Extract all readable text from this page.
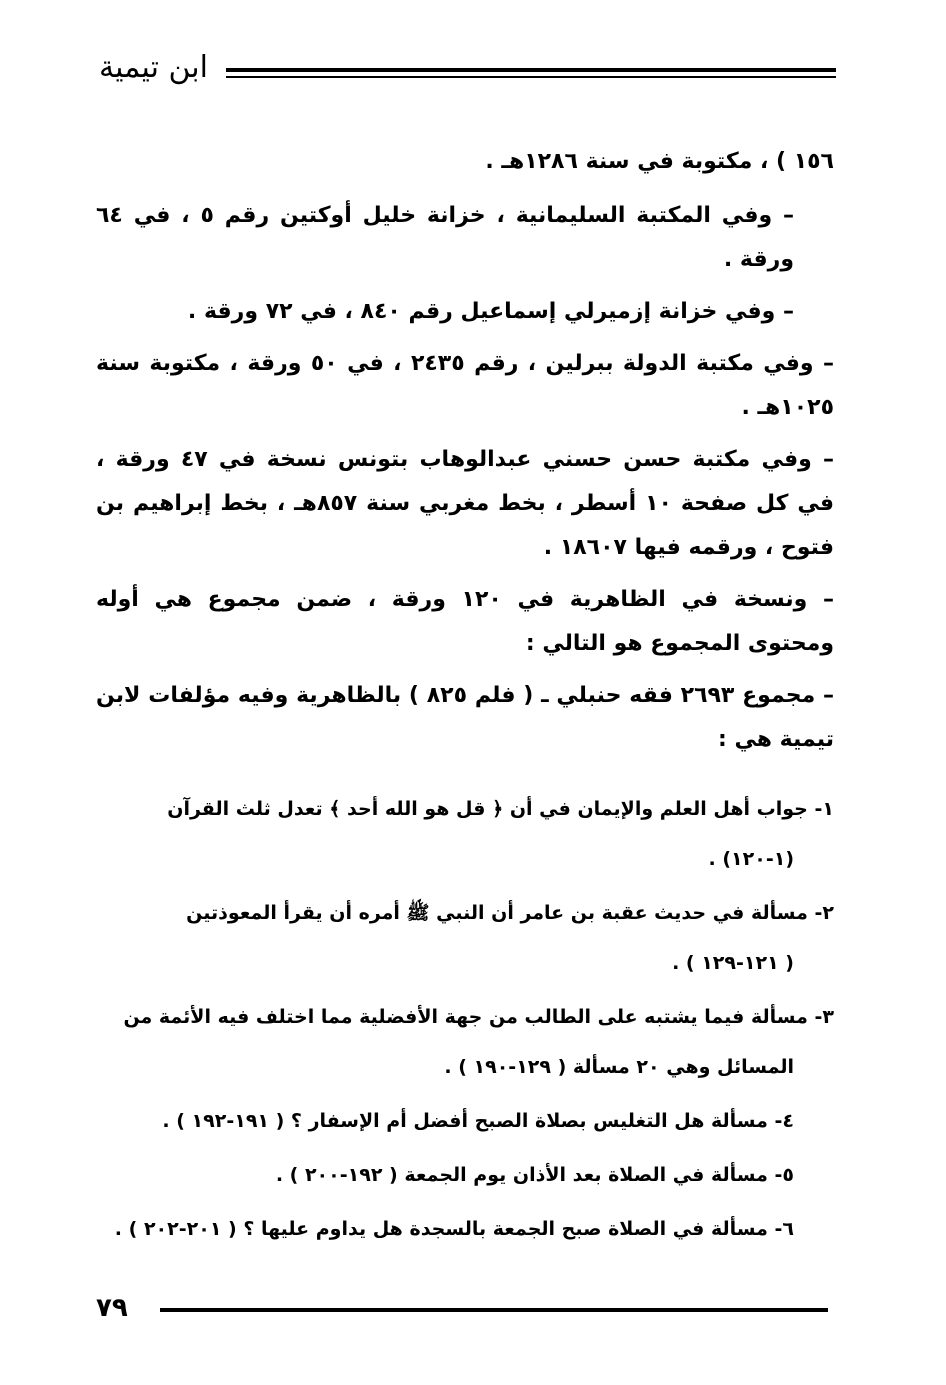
ابن تيمية

١٥٦ ) ، مكتوبة في سنة ١٢٨٦هـ .

– وفي المكتبة السليمانية ، خزانة خليل أوكتين رقم ٥ ، في ٦٤ ورقة .

– وفي خزانة إزميرلي إسماعيل رقم ٨٤٠ ، في ٧٢ ورقة .

– وفي مكتبة الدولة ببرلين ، رقم ٢٤٣٥ ، في ٥٠ ورقة ، مكتوبة سنة ١٠٢٥هـ .

– وفي مكتبة حسن حسني عبدالوهاب بتونس نسخة في ٤٧ ورقة ، في كل صفحة ١٠ أسطر ، بخط مغربي سنة ٨٥٧هـ ، بخط إبراهيم بن فتوح ، ورقمه فيها ١٨٦٠٧ .

– ونسخة في الظاهرية في ١٢٠ ورقة ، ضمن مجموع هي أوله ومحتوى المجموع هو التالي :

– مجموع ٢٦٩٣ فقه حنبلي ـ ( فلم ٨٢٥ ) بالظاهرية وفيه مؤلفات لابن تيمية هي :

١- جواب أهل العلم والإيمان في أن ﴿ قل هو الله أحد ﴾ تعدل ثلث القرآن
(١-١٢٠) .
٢- مسألة في حديث عقبة بن عامر أن النبي ﷺ أمره أن يقرأ المعوذتين
( ١٢١-١٢٩ ) .
٣- مسألة فيما يشتبه على الطالب من جهة الأفضلية مما اختلف فيه الأئمة من
المسائل وهي ٢٠ مسألة ( ١٢٩-١٩٠ ) .
٤- مسألة هل التغليس بصلاة الصبح أفضل أم الإسفار ؟ ( ١٩١-١٩٢ ) .
٥- مسألة في الصلاة بعد الأذان يوم الجمعة ( ١٩٢-٢٠٠ ) .
٦- مسألة في الصلاة صبح الجمعة بالسجدة هل يداوم عليها ؟ ( ٢٠١-٢٠٢ ) .
٧٩
